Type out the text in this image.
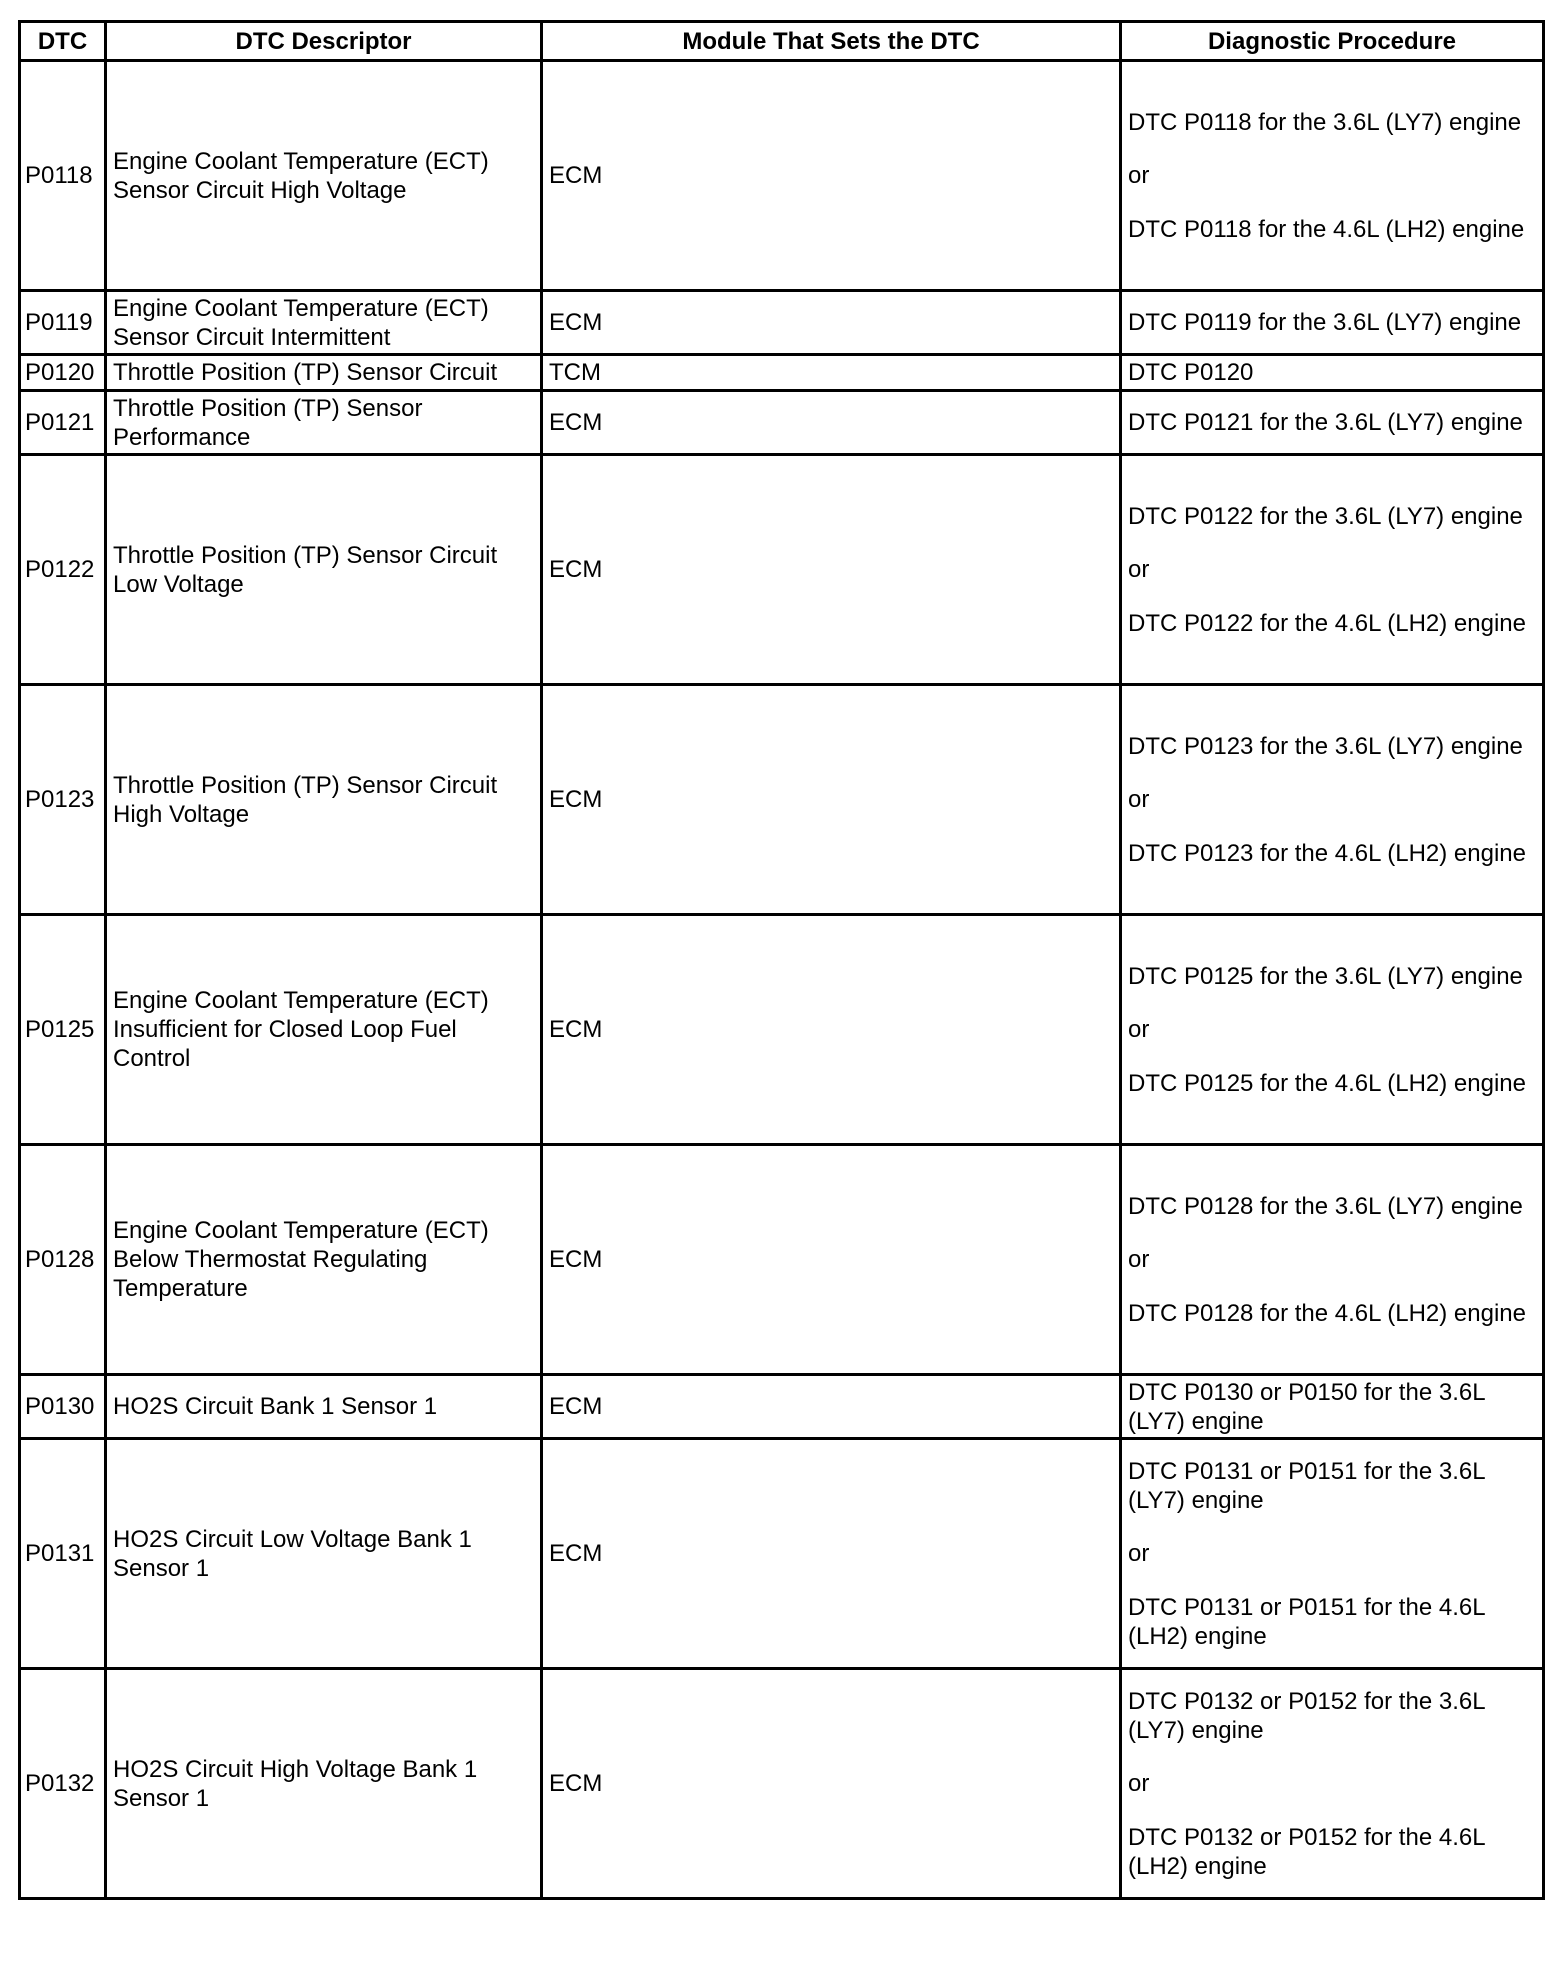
DTC	DTC Descriptor	Module That Sets the DTC	Diagnostic Procedure
P0118	Engine Coolant Temperature (ECT) Sensor Circuit High Voltage	ECM	DTC P0118 for the 3.6L (LY7) engine
or
DTC P0118 for the 4.6L (LH2) engine

P0119	Engine Coolant Temperature (ECT) Sensor Circuit Intermittent	ECM	DTC P0119 for the 3.6L (LY7) engine

P0120	Throttle Position (TP) Sensor Circuit	TCM	DTC P0120

P0121	Throttle Position (TP) Sensor Performance	ECM	DTC P0121 for the 3.6L (LY7) engine

P0122	Throttle Position (TP) Sensor Circuit Low Voltage	ECM	DTC P0122 for the 3.6L (LY7) engine
or
DTC P0122 for the 4.6L (LH2) engine

P0123	Throttle Position (TP) Sensor Circuit High Voltage	ECM	DTC P0123 for the 3.6L (LY7) engine
or
DTC P0123 for the 4.6L (LH2) engine

P0125	Engine Coolant Temperature (ECT) Insufficient for Closed Loop Fuel Control	ECM	DTC P0125 for the 3.6L (LY7) engine
or
DTC P0125 for the 4.6L (LH2) engine

P0128	Engine Coolant Temperature (ECT) Below Thermostat Regulating Temperature	ECM	DTC P0128 for the 3.6L (LY7) engine
or
DTC P0128 for the 4.6L (LH2) engine

P0130	HO2S Circuit Bank 1 Sensor 1	ECM	DTC P0130 or P0150 for the 3.6L (LY7) engine

P0131	HO2S Circuit Low Voltage Bank 1 Sensor 1	ECM	DTC P0131 or P0151 for the 3.6L (LY7) engine
or
DTC P0131 or P0151 for the 4.6L (LH2) engine

P0132	HO2S Circuit High Voltage Bank 1 Sensor 1	ECM	DTC P0132 or P0152 for the 3.6L (LY7) engine
or
DTC P0132 or P0152 for the 4.6L (LH2) engine
